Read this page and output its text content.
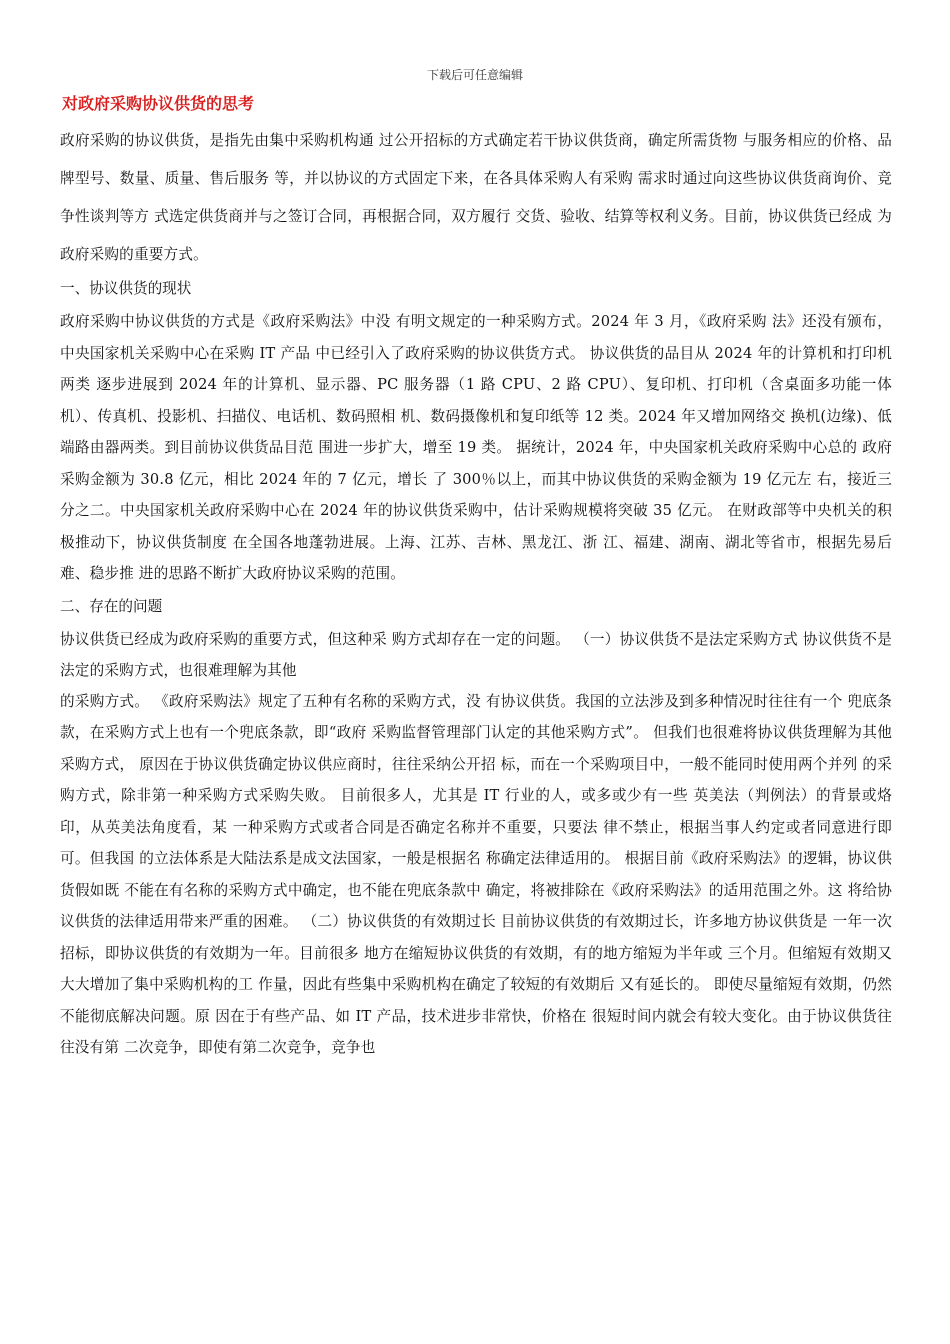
下载后可任意编辑
对政府采购协议供货的思考

政府采购的协议供货，是指先由集中采购机构通 过公开招标的方式确定若干协议供货商，确定所需货物 与服务相应的价格、品牌型号、数量、质量、售后服务 等，并以协议的方式固定下来，在各具体采购人有采购 需求时通过向这些协议供货商询价、竞争性谈判等方 式选定供货商并与之签订合同，再根据合同，双方履行 交货、验收、结算等权利义务。目前，协议供货已经成 为政府采购的重要方式。

一、协议供货的现状

政府采购中协议供货的方式是《政府采购法》中没 有明文规定的一种采购方式。2024 年 3 月，《政府采购 法》还没有颁布，中央国家机关采购中心在采购 IT 产品 中已经引入了政府采购的协议供货方式。 协议供货的品目从 2024 年的计算机和打印机两类 逐步进展到 2024 年的计算机、显示器、PC 服务器（1 路 CPU、2 路 CPU）、复印机、打印机（含桌面多功能一体 机）、传真机、投影机、扫描仪、电话机、数码照相 机、数码摄像机和复印纸等 12 类。2024 年又增加网络交 换机(边缘)、低端路由器两类。到目前协议供货品目范 围进一步扩大，增至 19 类。 据统计，2024 年，中央国家机关政府采购中心总的 政府采购金额为 30.8 亿元，相比 2024 年的 7 亿元，增长 了 300％以上，而其中协议供货的采购金额为 19 亿元左 右，接近三分之二。中央国家机关政府采购中心在 2024 年的协议供货采购中，估计采购规模将突破 35 亿元。 在财政部等中央机关的积极推动下，协议供货制度 在全国各地蓬勃进展。上海、江苏、吉林、黑龙江、浙 江、福建、湖南、湖北等省市，根据先易后难、稳步推 进的思路不断扩大政府协议采购的范围。

二、存在的问题

协议供货已经成为政府采购的重要方式，但这种采 购方式却存在一定的问题。 （一）协议供货不是法定采购方式 协议供货不是法定的采购方式，也很难理解为其他

的采购方式。 《政府采购法》规定了五种有名称的采购方式，没 有协议供货。我国的立法涉及到多种情况时往往有一个 兜底条款，在采购方式上也有一个兜底条款，即“政府 采购监督管理部门认定的其他采购方式”。 但我们也很难将协议供货理解为其他采购方式， 原因在于协议供货确定协议供应商时，往往采纳公开招 标，而在一个采购项目中，一般不能同时使用两个并列 的采购方式，除非第一种采购方式采购失败。 目前很多人，尤其是 IT 行业的人，或多或少有一些 英美法（判例法）的背景或烙印，从英美法角度看，某 一种采购方式或者合同是否确定名称并不重要，只要法 律不禁止，根据当事人约定或者同意进行即可。但我国 的立法体系是大陆法系是成文法国家，一般是根据名 称确定法律适用的。 根据目前《政府采购法》的逻辑，协议供货假如既 不能在有名称的采购方式中确定，也不能在兜底条款中 确定，将被排除在《政府采购法》的适用范围之外。这 将给协议供货的法律适用带来严重的困难。 （二）协议供货的有效期过长 目前协议供货的有效期过长，许多地方协议供货是 一年一次招标，即协议供货的有效期为一年。目前很多 地方在缩短协议供货的有效期，有的地方缩短为半年或 三个月。但缩短有效期又大大增加了集中采购机构的工 作量，因此有些集中采购机构在确定了较短的有效期后 又有延长的。 即使尽量缩短有效期，仍然不能彻底解决问题。原 因在于有些产品、如 IT 产品，技术进步非常快，价格在 很短时间内就会有较大变化。由于协议供货往往没有第 二次竞争，即使有第二次竞争，竞争也
